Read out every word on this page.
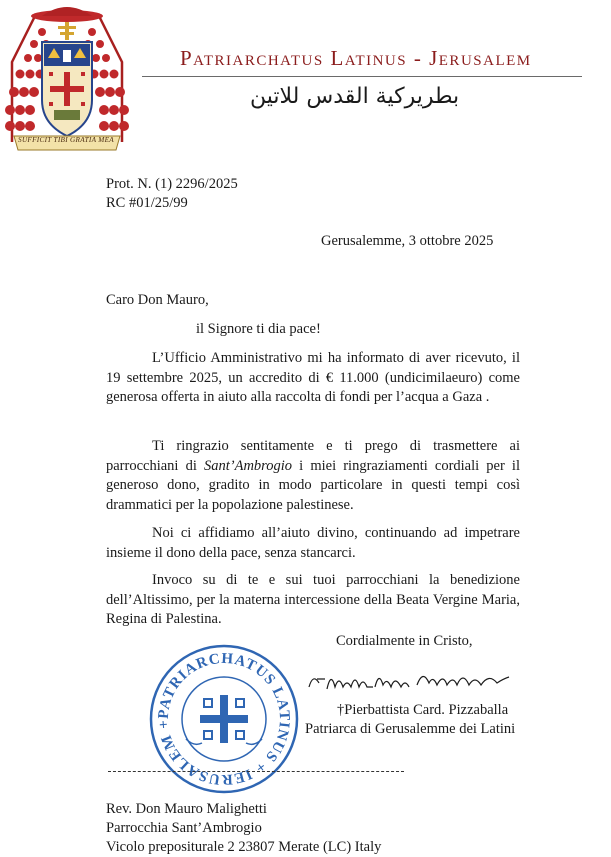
SUFFICIT TIBI GRATIA MEA
Patriarchatus Latinus - Jerusalem
بطريركية القدس للاتين
Prot. N. (1) 2296/2025
RC #01/25/99
Gerusalemme, 3 ottobre 2025
Caro Don Mauro,
il Signore ti dia pace!
L’Ufficio Amministrativo mi ha informato di aver ricevuto, il 19 settembre 2025, un accredito di € 11.000 (undicimilaeuro) come generosa offerta in aiuto alla raccolta di fondi per l’acqua a Gaza .
Ti ringrazio sentitamente e ti prego di trasmettere ai parrocchiani di Sant’Ambrogio i miei ringraziamenti cordiali per il generoso dono, gradito in modo particolare in questi tempi così drammatici per la popolazione palestinese.
Noi ci affidiamo all’aiuto divino, continuando ad impetrare insieme il dono della pace, senza stancarci.
Invoco su di te e sui tuoi parrocchiani la benedizione dell’Altissimo, per la materna intercessione della Beata Vergine Maria, Regina di Palestina.
Cordialmente in Cristo,
PATRIARCHATUS LATINUS + IERUSALEM +
†Pierbattista Card. Pizzaballa
Patriarca di Gerusalemme dei Latini
Rev. Don Mauro Malighetti
Parrocchia Sant’Ambrogio
Vicolo prepositurale 2 23807 Merate (LC) Italy
